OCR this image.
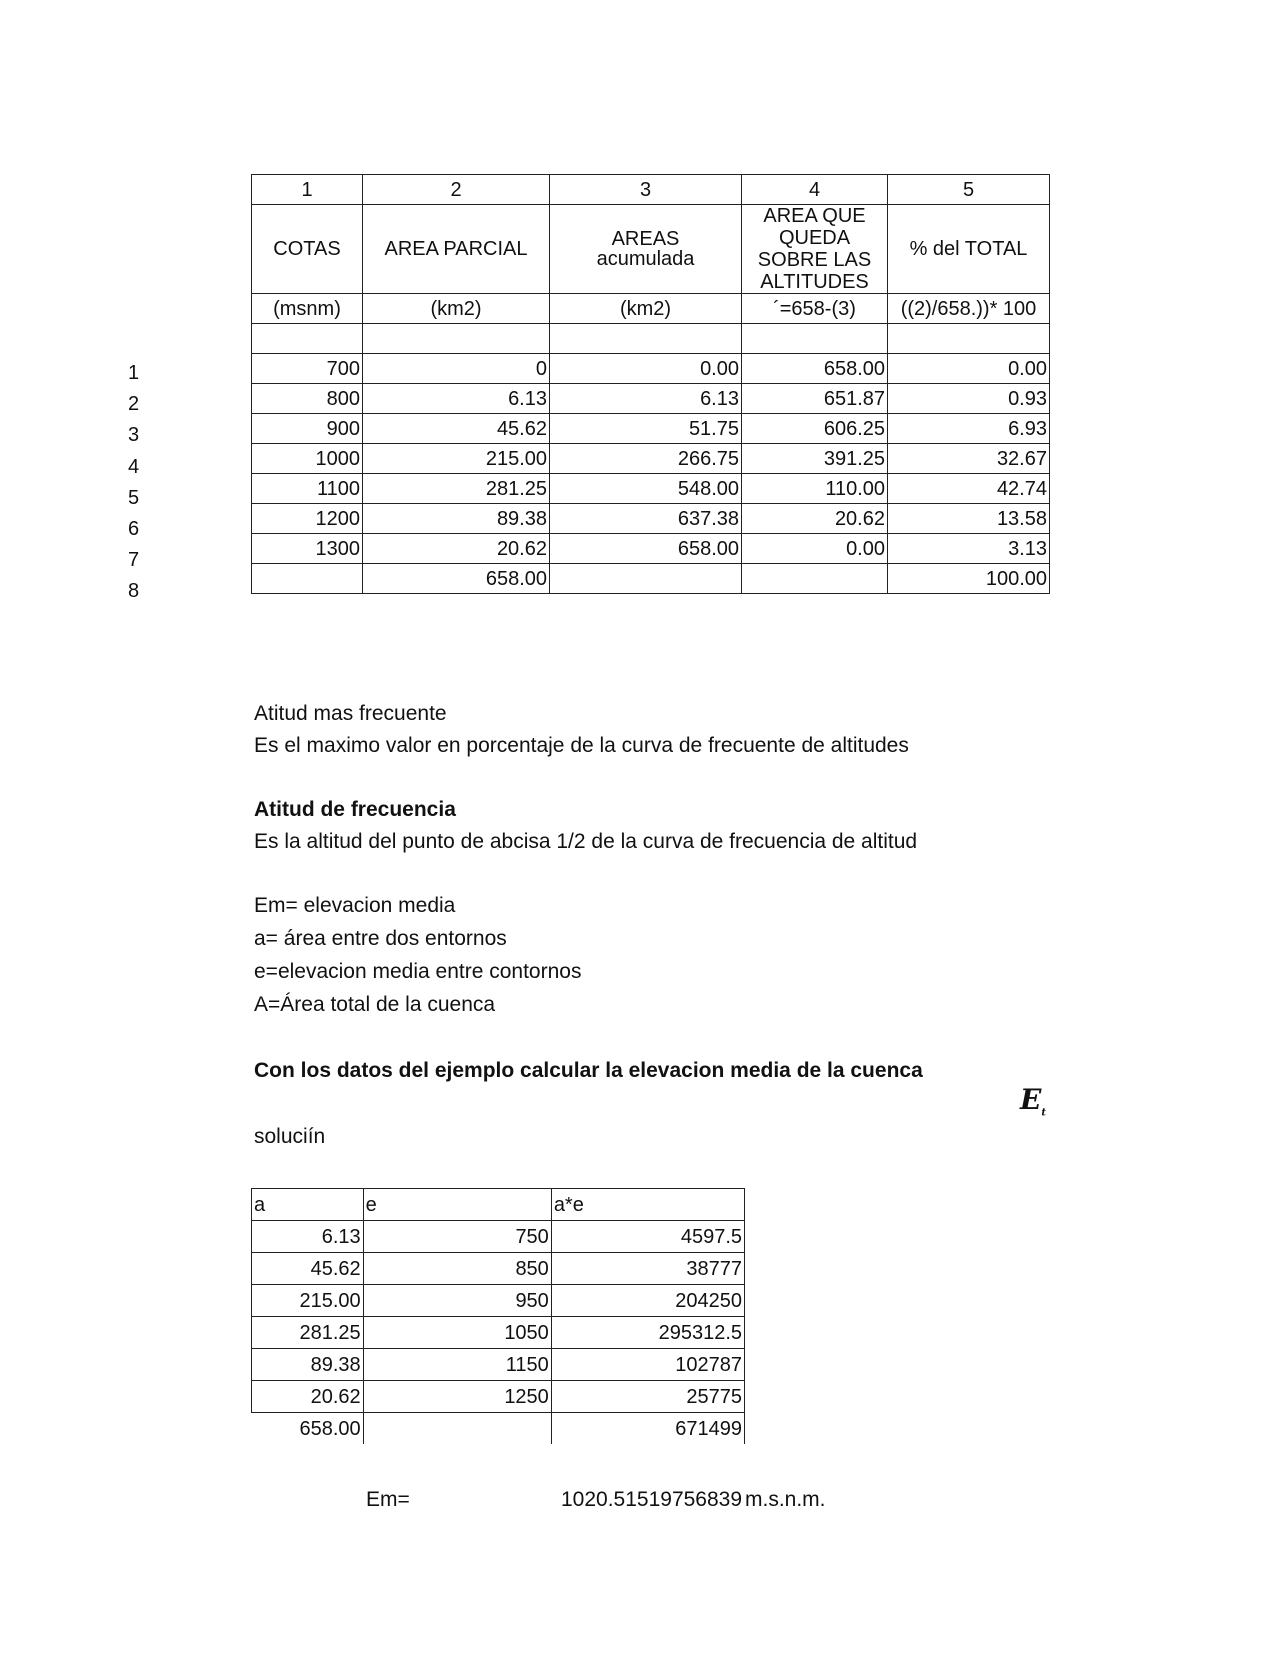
1	2	3	4	5
COTAS	AREA PARCIAL	AREAS acumulada	AREA QUE QUEDA SOBRE LAS ALTITUDES	% del TOTAL
(msnm)	(km2)	(km2)	´=658-(3)	((2)/658.))* 100

700	0	0.00	658.00	0.00
800	6.13	6.13	651.87	0.93
900	45.62	51.75	606.25	6.93
1000	215.00	266.75	391.25	32.67
1100	281.25	548.00	110.00	42.74
1200	89.38	637.38	20.62	13.58
1300	20.62	658.00	0.00	3.13
	658.00			100.00
1
2
3
4
5
6
7
8
Atitud mas frecuente
Es el maximo valor en porcentaje de la curva de frecuente de altitudes
Atitud de frecuencia
Es la altitud del punto de abcisa 1/2 de la curva de frecuencia de altitud
Em= elevacion media
a= área entre dos entornos
e=elevacion media entre contornos
A=Área total de la cuenca
Con los datos del ejemplo calcular la elevacion media de la cuenca
soluciín
$E_t$
a	e	a*e
6.13	750	4597.5
45.62	850	38777
215.00	950	204250
281.25	1050	295312.5
89.38	1150	102787
20.62	1250	25775
658.00		671499
Em=	1020.51519756839 m.s.n.m.
